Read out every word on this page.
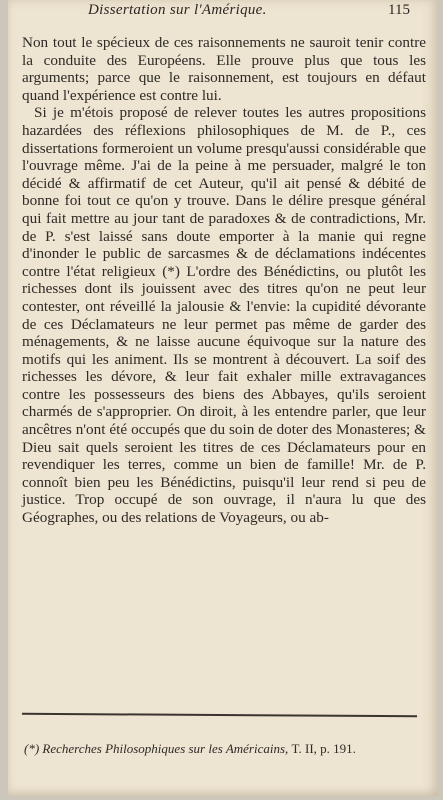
Dissertation sur l'Amérique.	115

Non tout le spécieux de ces raisonnements ne sauroit tenir contre la conduite des Européens. Elle prouve plus que tous les arguments; parce que le raisonnement, est toujours en défaut quand l'expérience est contre lui.

Si je m'étois proposé de relever toutes les autres propositions hazardées des réflexions philosophiques de M. de P., ces dissertations formeroient un volume presqu'aussi considérable que l'ouvrage même. J'ai de la peine à me persuader, malgré le ton décidé & affirmatif de cet Auteur, qu'il ait pensé & débité de bonne foi tout ce qu'on y trouve. Dans le délire presque général qui fait mettre au jour tant de paradoxes & de contradictions, Mr. de P. s'est laissé sans doute emporter à la manie qui regne d'inonder le public de sarcasmes & de déclamations indécentes contre l'état religieux (*) L'ordre des Bénédictins, ou plutôt les richesses dont ils jouissent avec des titres qu'on ne peut leur contester, ont réveillé la jalousie & l'envie: la cupidité dévorante de ces Déclamateurs ne leur permet pas même de garder des ménagements, & ne laisse aucune équivoque sur la nature des motifs qui les animent. Ils se montrent à découvert. La soif des richesses les dévore, & leur fait exhaler mille extravagances contre les possesseurs des biens des Abbayes, qu'ils seroient charmés de s'approprier. On diroit, à les entendre parler, que leur ancêtres n'ont été occupés que du soin de doter des Monasteres; & Dieu sait quels seroient les titres de ces Déclamateurs pour en revendiquer les terres, comme un bien de famille! Mr. de P. connoît bien peu les Bénédictins, puisqu'il leur rend si peu de justice. Trop occupé de son ouvrage, il n'aura lu que des Géographes, ou des relations de Voyageurs, ou ab-

(*) Recherches Philosophiques sur les Américains, T. II, p. 191.
